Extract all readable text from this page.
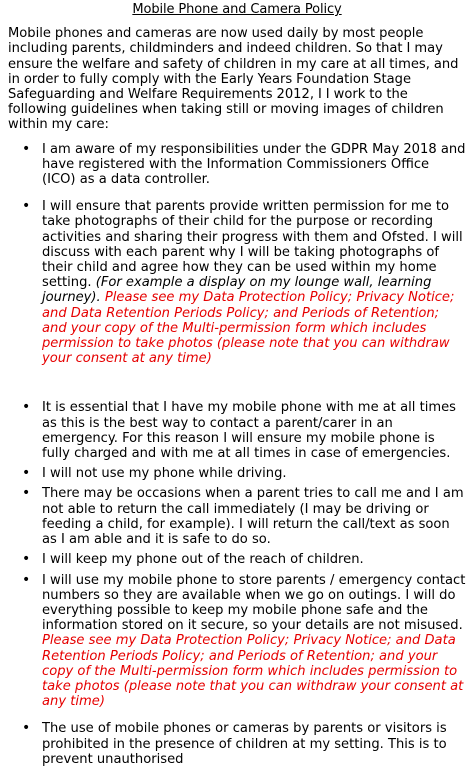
Mobile Phone and Camera Policy
Mobile phones and cameras are now used daily by most people including parents, childminders and indeed children. So that I may ensure the welfare and safety of children in my care at all times, and in order to fully comply with the Early Years Foundation Stage Safeguarding and Welfare Requirements 2012, I I work to the following guidelines when taking still or moving images of children within my care:
• I am aware of my responsibilities under the GDPR May 2018 and have registered with the Information Commissioners Office (ICO) as a data controller.
• I will ensure that parents provide written permission for me to take photographs of their child for the purpose or recording activities and sharing their progress with them and Ofsted. I will discuss with each parent why I will be taking photographs of their child and agree how they can be used within my home setting. (For example a display on my lounge wall, learning journey). Please see my Data Protection Policy; Privacy Notice; and Data Retention Periods Policy; and Periods of Retention; and your copy of the Multi-permission form which includes permission to take photos (please note that you can withdraw your consent at any time)
• It is essential that I have my mobile phone with me at all times as this is the best way to contact a parent/carer in an emergency. For this reason I will ensure my mobile phone is fully charged and with me at all times in case of emergencies.
• I will not use my phone while driving.
• There may be occasions when a parent tries to call me and I am not able to return the call immediately (I may be driving or feeding a child, for example). I will return the call/text as soon as I am able and it is safe to do so.
• I will keep my phone out of the reach of children.
• I will use my mobile phone to store parents / emergency contact numbers so they are available when we go on outings. I will do everything possible to keep my mobile phone safe and the information stored on it secure, so your details are not misused. Please see my Data Protection Policy; Privacy Notice; and Data Retention Periods Policy; and Periods of Retention; and your copy of the Multi-permission form which includes permission to take photos (please note that you can withdraw your consent at any time)
• The use of mobile phones or cameras by parents or visitors is prohibited in the presence of children at my setting. This is to prevent unauthorised
